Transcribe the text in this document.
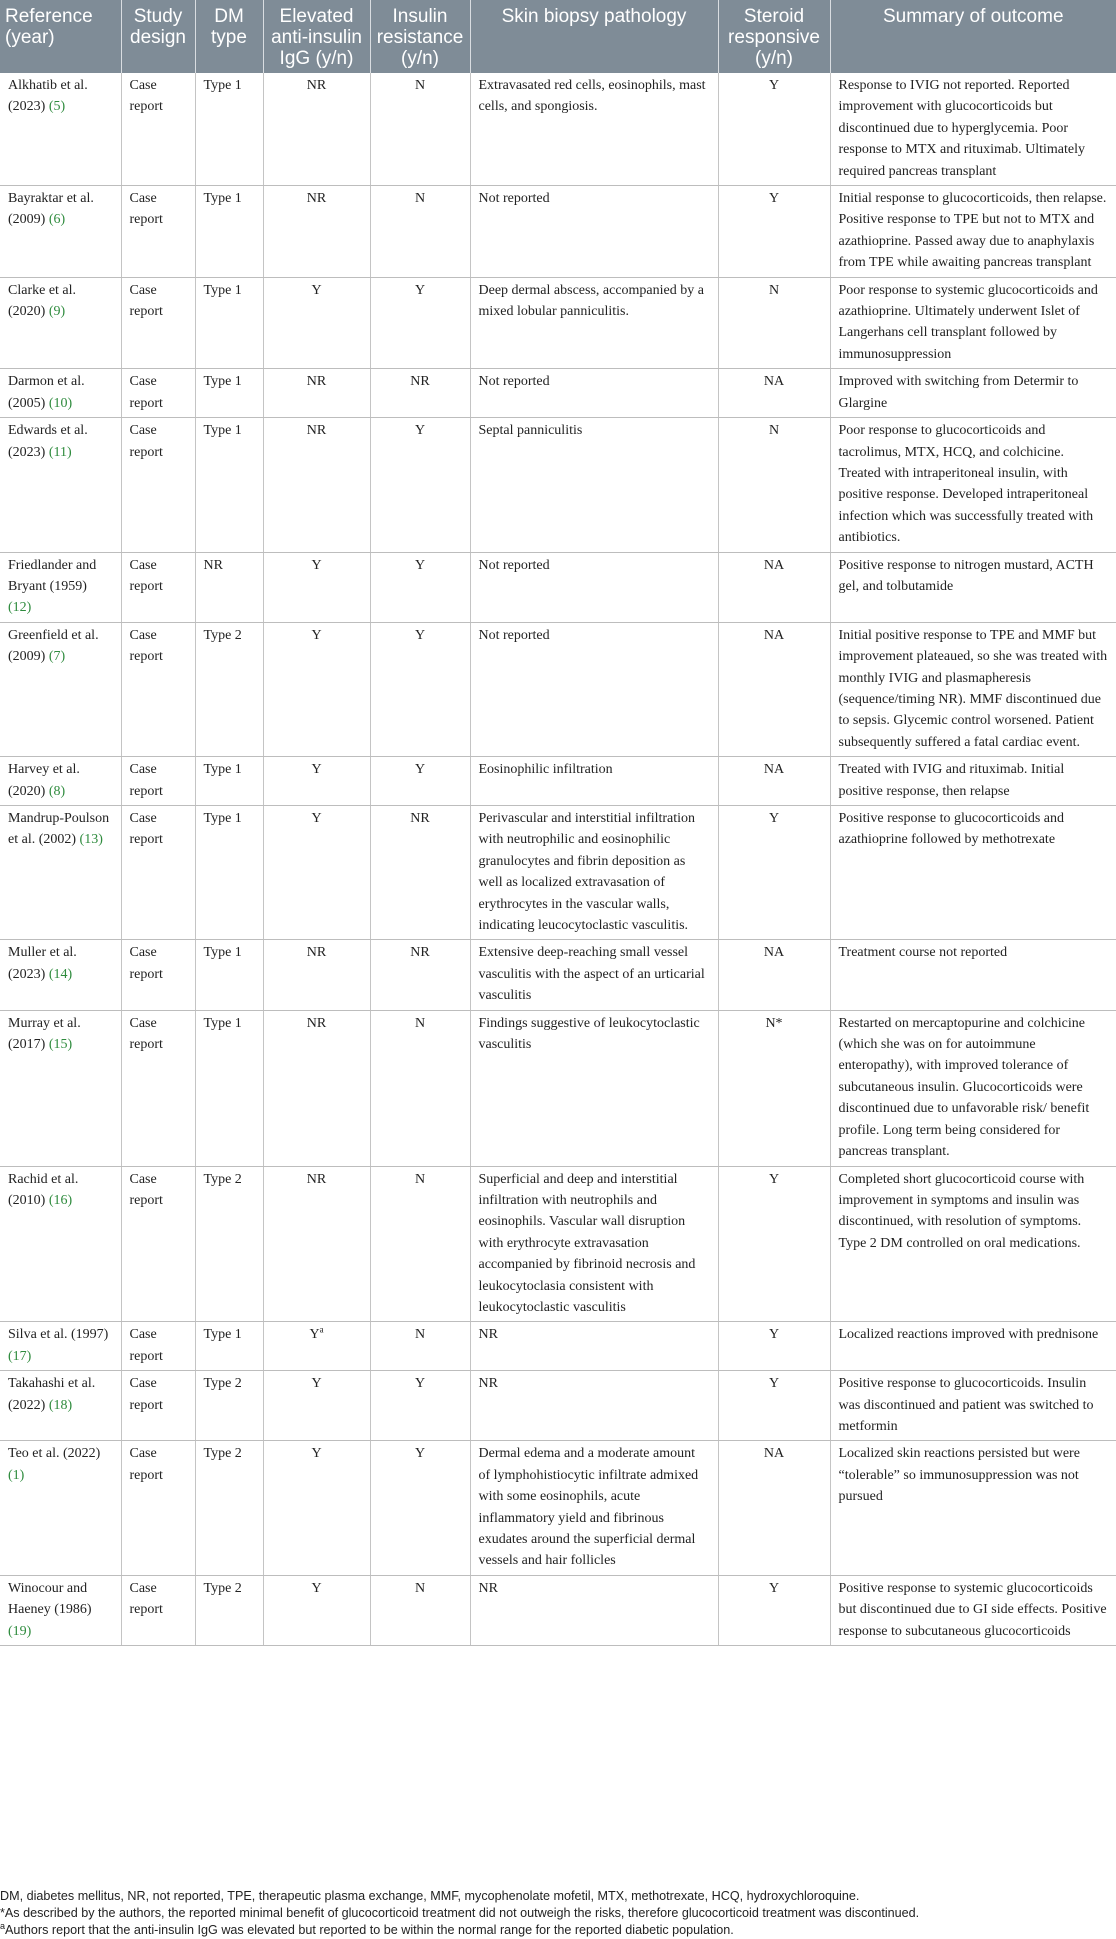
Reference (year)	Study design	DM type	Elevated anti-insulin IgG (y/n)	Insulin resistance (y/n)	Skin biopsy pathology	Steroid responsive (y/n)	Summary of outcome
Alkhatib et al. (2023) (5)	Case report	Type 1	NR	N	Extravasated red cells, eosinophils, mast cells, and spongiosis.	Y	Response to IVIG not reported. Reported improvement with glucocorticoids but discontinued due to hyperglycemia. Poor response to MTX and rituximab. Ultimately required pancreas transplant
Bayraktar et al. (2009) (6)	Case report	Type 1	NR	N	Not reported	Y	Initial response to glucocorticoids, then relapse. Positive response to TPE but not to MTX and azathioprine. Passed away due to anaphylaxis from TPE while awaiting pancreas transplant
Clarke et al. (2020) (9)	Case report	Type 1	Y	Y	Deep dermal abscess, accompanied by a mixed lobular panniculitis.	N	Poor response to systemic glucocorticoids and azathioprine. Ultimately underwent Islet of Langerhans cell transplant followed by immunosuppression
Darmon et al. (2005) (10)	Case report	Type 1	NR	NR	Not reported	NA	Improved with switching from Determir to Glargine
Edwards et al. (2023) (11)	Case report	Type 1	NR	Y	Septal panniculitis	N	Poor response to glucocorticoids and tacrolimus, MTX, HCQ, and colchicine. Treated with intraperitoneal insulin, with positive response. Developed intraperitoneal infection which was successfully treated with antibiotics.
Friedlander and Bryant (1959) (12)	Case report	NR	Y	Y	Not reported	NA	Positive response to nitrogen mustard, ACTH gel, and tolbutamide
Greenfield et al. (2009) (7)	Case report	Type 2	Y	Y	Not reported	NA	Initial positive response to TPE and MMF but improvement plateaued, so she was treated with monthly IVIG and plasmapheresis (sequence/timing NR). MMF discontinued due to sepsis. Glycemic control worsened. Patient subsequently suffered a fatal cardiac event.
Harvey et al. (2020) (8)	Case report	Type 1	Y	Y	Eosinophilic infiltration	NA	Treated with IVIG and rituximab. Initial positive response, then relapse
Mandrup-Poulson et al. (2002) (13)	Case report	Type 1	Y	NR	Perivascular and interstitial infiltration with neutrophilic and eosinophilic granulocytes and fibrin deposition as well as localized extravasation of erythrocytes in the vascular walls, indicating leucocytoclastic vasculitis.	Y	Positive response to glucocorticoids and azathioprine followed by methotrexate
Muller et al. (2023) (14)	Case report	Type 1	NR	NR	Extensive deep-reaching small vessel vasculitis with the aspect of an urticarial vasculitis	NA	Treatment course not reported
Murray et al. (2017) (15)	Case report	Type 1	NR	N	Findings suggestive of leukocytoclastic vasculitis	N*	Restarted on mercaptopurine and colchicine (which she was on for autoimmune enteropathy), with improved tolerance of subcutaneous insulin. Glucocorticoids were discontinued due to unfavorable risk/ benefit profile. Long term being considered for pancreas transplant.
Rachid et al. (2010) (16)	Case report	Type 2	NR	N	Superficial and deep and interstitial infiltration with neutrophils and eosinophils. Vascular wall disruption with erythrocyte extravasation accompanied by fibrinoid necrosis and leukocytoclasia consistent with leukocytoclastic vasculitis	Y	Completed short glucocorticoid course with improvement in symptoms and insulin was discontinued, with resolution of symptoms. Type 2 DM controlled on oral medications.
Silva et al. (1997) (17)	Case report	Type 1	$Y^a$	N	NR	Y	Localized reactions improved with prednisone
Takahashi et al. (2022) (18)	Case report	Type 2	Y	Y	NR	Y	Positive response to glucocorticoids. Insulin was discontinued and patient was switched to metformin
Teo et al. (2022) (1)	Case report	Type 2	Y	Y	Dermal edema and a moderate amount of lymphohistiocytic infiltrate admixed with some eosinophils, acute inflammatory yield and fibrinous exudates around the superficial dermal vessels and hair follicles	NA	Localized skin reactions persisted but were “tolerable” so immunosuppression was not pursued
Winocour and Haeney (1986) (19)	Case report	Type 2	Y	N	NR	Y	Positive response to systemic glucocorticoids but discontinued due to GI side effects. Positive response to subcutaneous glucocorticoids
DM, diabetes mellitus, NR, not reported, TPE, therapeutic plasma exchange, MMF, mycophenolate mofetil, MTX, methotrexate, HCQ, hydroxychloroquine.
*As described by the authors, the reported minimal benefit of glucocorticoid treatment did not outweigh the risks, therefore glucocorticoid treatment was discontinued.
$^a$Authors report that the anti-insulin IgG was elevated but reported to be within the normal range for the reported diabetic population.
